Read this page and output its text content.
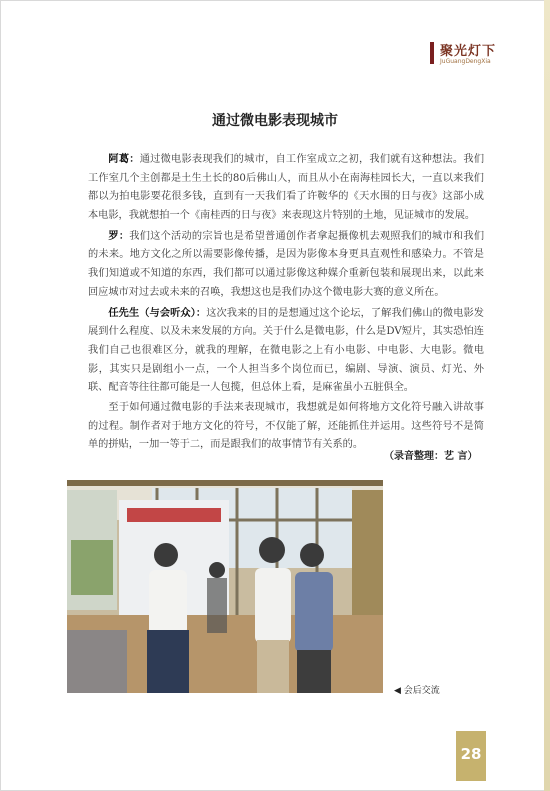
聚光灯下
JuGuangDengXia
通过微电影表现城市

阿葛：通过微电影表现我们的城市，自工作室成立之初，我们就有这种想法。我们工作室几个主创都是土生土长的80后佛山人，而且从小在南海桂园长大，一直以来我们都以为拍电影要花很多钱，直到有一天我们看了许鞍华的《天水围的日与夜》这部小成本电影，我就想拍一个《南桂西的日与夜》来表现这片特别的土地，见证城市的发展。

罗：我们这个活动的宗旨也是希望普通创作者拿起摄像机去观照我们的城市和我们的未来。地方文化之所以需要影像传播，是因为影像本身更具直观性和感染力。不管是我们知道或不知道的东西，我们都可以通过影像这种媒介重新包装和展现出来，以此来回应城市对过去或未来的召唤，我想这也是我们办这个微电影大赛的意义所在。

任先生（与会听众）：这次我来的目的是想通过这个论坛，了解我们佛山的微电影发展到什么程度、以及未来发展的方向。关于什么是微电影，什么是DV短片，其实恐怕连我们自己也很难区分，就我的理解，在微电影之上有小电影、中电影、大电影。微电影，其实只是剧组小一点，一个人担当多个岗位而已，编剧、导演、演员、灯光、外联、配音等往往都可能是一人包揽，但总体上看，是麻雀虽小五脏俱全。

至于如何通过微电影的手法来表现城市，我想就是如何将地方文化符号融入讲故事的过程。制作者对于地方文化的符号，不仅能了解，还能抓住并运用。这些符号不是简单的拼贴，一加一等于二，而是跟我们的故事情节有关系的。

（录音整理：艺 言）
◀ 会后交流
28
